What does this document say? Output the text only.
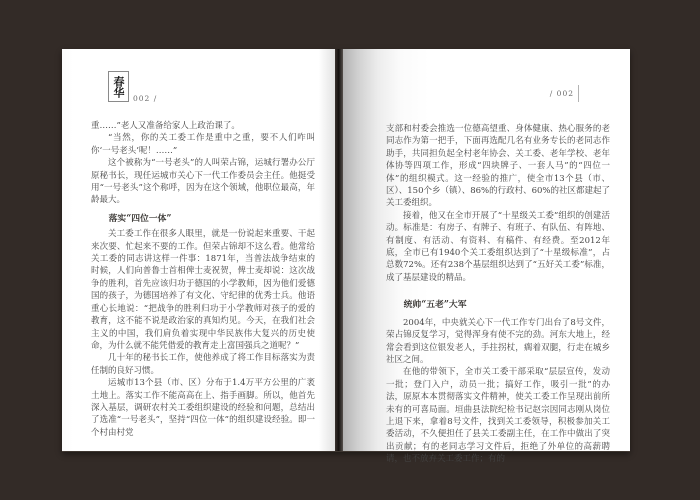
春华
002 /
重……”老人又准备给家人上政治课了。
“当然，你的关工委工作是重中之重，要不人们咋叫你‘一号老头’呢！……”
这个被称为“一号老头”的人叫荣占锦，运城行署办公厅原秘书长，现任运城市关心下一代工作委员会主任。他挺受用“一号老头”这个称呼，因为在这个领域，他职位最高，年龄最大。
落实“四位一体”
关工委工作在很多人眼里，就是一份说起来重要、干起来次要、忙起来不要的工作。但荣占锦却不这么看。他常给关工委的同志讲这样一件事：1871年，当普法战争结束的时候，人们向普鲁士首相俾士麦祝贺，俾士麦却说：这次战争的胜利，首先应该归功于德国的小学教师，因为他们爱德国的孩子，为德国培养了有文化、守纪律的优秀士兵。他语重心长地说：“把战争的胜利归功于小学教师对孩子的爱的教育，这不能不说是政治家的真知灼见。今天，在我们社会主义的中国，我们肩负着实现中华民族伟大复兴的历史使命，为什么就不能凭借爱的教育走上富国强兵之道呢？”
几十年的秘书长工作，使他养成了将工作目标落实为责任制的良好习惯。
运城市13个县（市、区）分布于1.4万平方公里的广袤土地上。落实工作不能高高在上、指手画脚。所以，他首先深入基层，调研农村关工委组织建设的经验和问题，总结出了选准“一号老头”，坚持“四位一体”的组织建设经验。即一个村由村党
/ 002
支部和村委会推选一位德高望重、身体健康、热心服务的老同志作为第一把手，下面再选配几名有业务专长的老同志作助手，共同担负起全村老年协会、关工委、老年学校、老年体协等四项工作，形成“四块牌子、一套人马”的“四位一体”的组织模式。这一经验的推广，使全市13个县（市、区）、150个乡（镇）、86%的行政村、60%的社区都建起了关工委组织。
接着，他又在全市开展了“十星级关工委”组织的创建活动。标准是：有房子、有牌子、有班子、有队伍、有阵地、有制度、有活动、有资料、有稿件、有经费。至2012年底，全市已有1940个关工委组织达到了“十星级标准”，占总数72%。还有238个基层组织达到了“五好关工委”标准，成了基层建设的精品。
统帅“五老”大军
2004年，中央就关心下一代工作专门出台了8号文件，荣占锦反复学习，觉得浑身有使不完的劲。河东大地上，经常会看到这位银发老人，手拄拐杖，瘸着双腿，行走在城乡社区之间。
在他的带领下，全市关工委干部采取“层层宣传，发动一批；登门入户，动员一批；搞好工作，吸引一批”的办法，原原本本贯彻落实文件精神，使关工委工作呈现出前所未有的可喜局面。垣曲县法院纪检书记赵宗因同志刚从岗位上退下来，拿着8号文件，找到关工委领导，积极参加关工委活动，不久便担任了县关工委副主任，在工作中做出了突出贡献；有的老同志学习文件后，拒绝了外单位的高薪聘请，也不放弃关工委工作；有的
